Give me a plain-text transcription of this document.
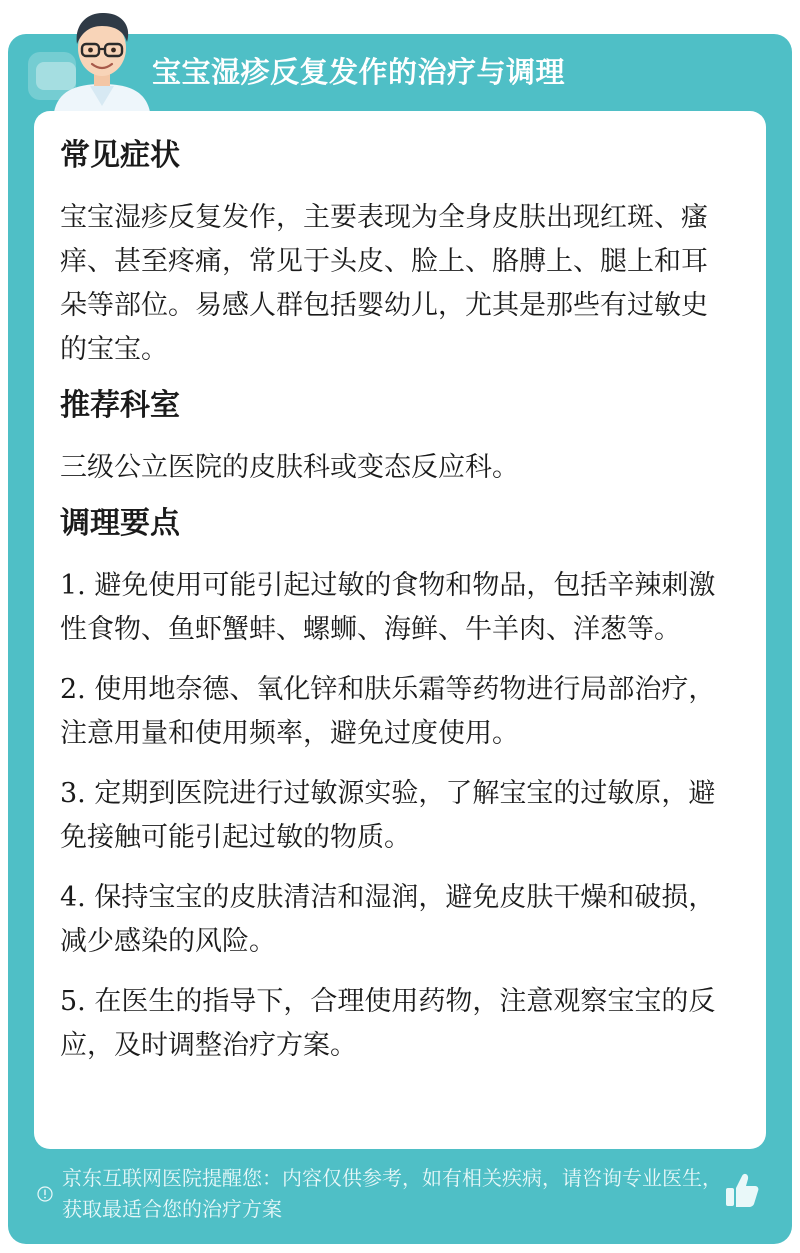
宝宝湿疹反复发作的治疗与调理
常见症状
宝宝湿疹反复发作，主要表现为全身皮肤出现红斑、瘙痒、甚至疼痛，常见于头皮、脸上、胳膊上、腿上和耳朵等部位。易感人群包括婴幼儿，尤其是那些有过敏史的宝宝。
推荐科室
三级公立医院的皮肤科或变态反应科。
调理要点
1. 避免使用可能引起过敏的食物和物品，包括辛辣刺激性食物、鱼虾蟹蚌、螺蛳、海鲜、牛羊肉、洋葱等。
2. 使用地奈德、氧化锌和肤乐霜等药物进行局部治疗，注意用量和使用频率，避免过度使用。
3. 定期到医院进行过敏源实验，了解宝宝的过敏原，避免接触可能引起过敏的物质。
4. 保持宝宝的皮肤清洁和湿润，避免皮肤干燥和破损，减少感染的风险。
5. 在医生的指导下，合理使用药物，注意观察宝宝的反应，及时调整治疗方案。
京东互联网医院提醒您：内容仅供参考，如有相关疾病，请咨询专业医生，获取最适合您的治疗方案
